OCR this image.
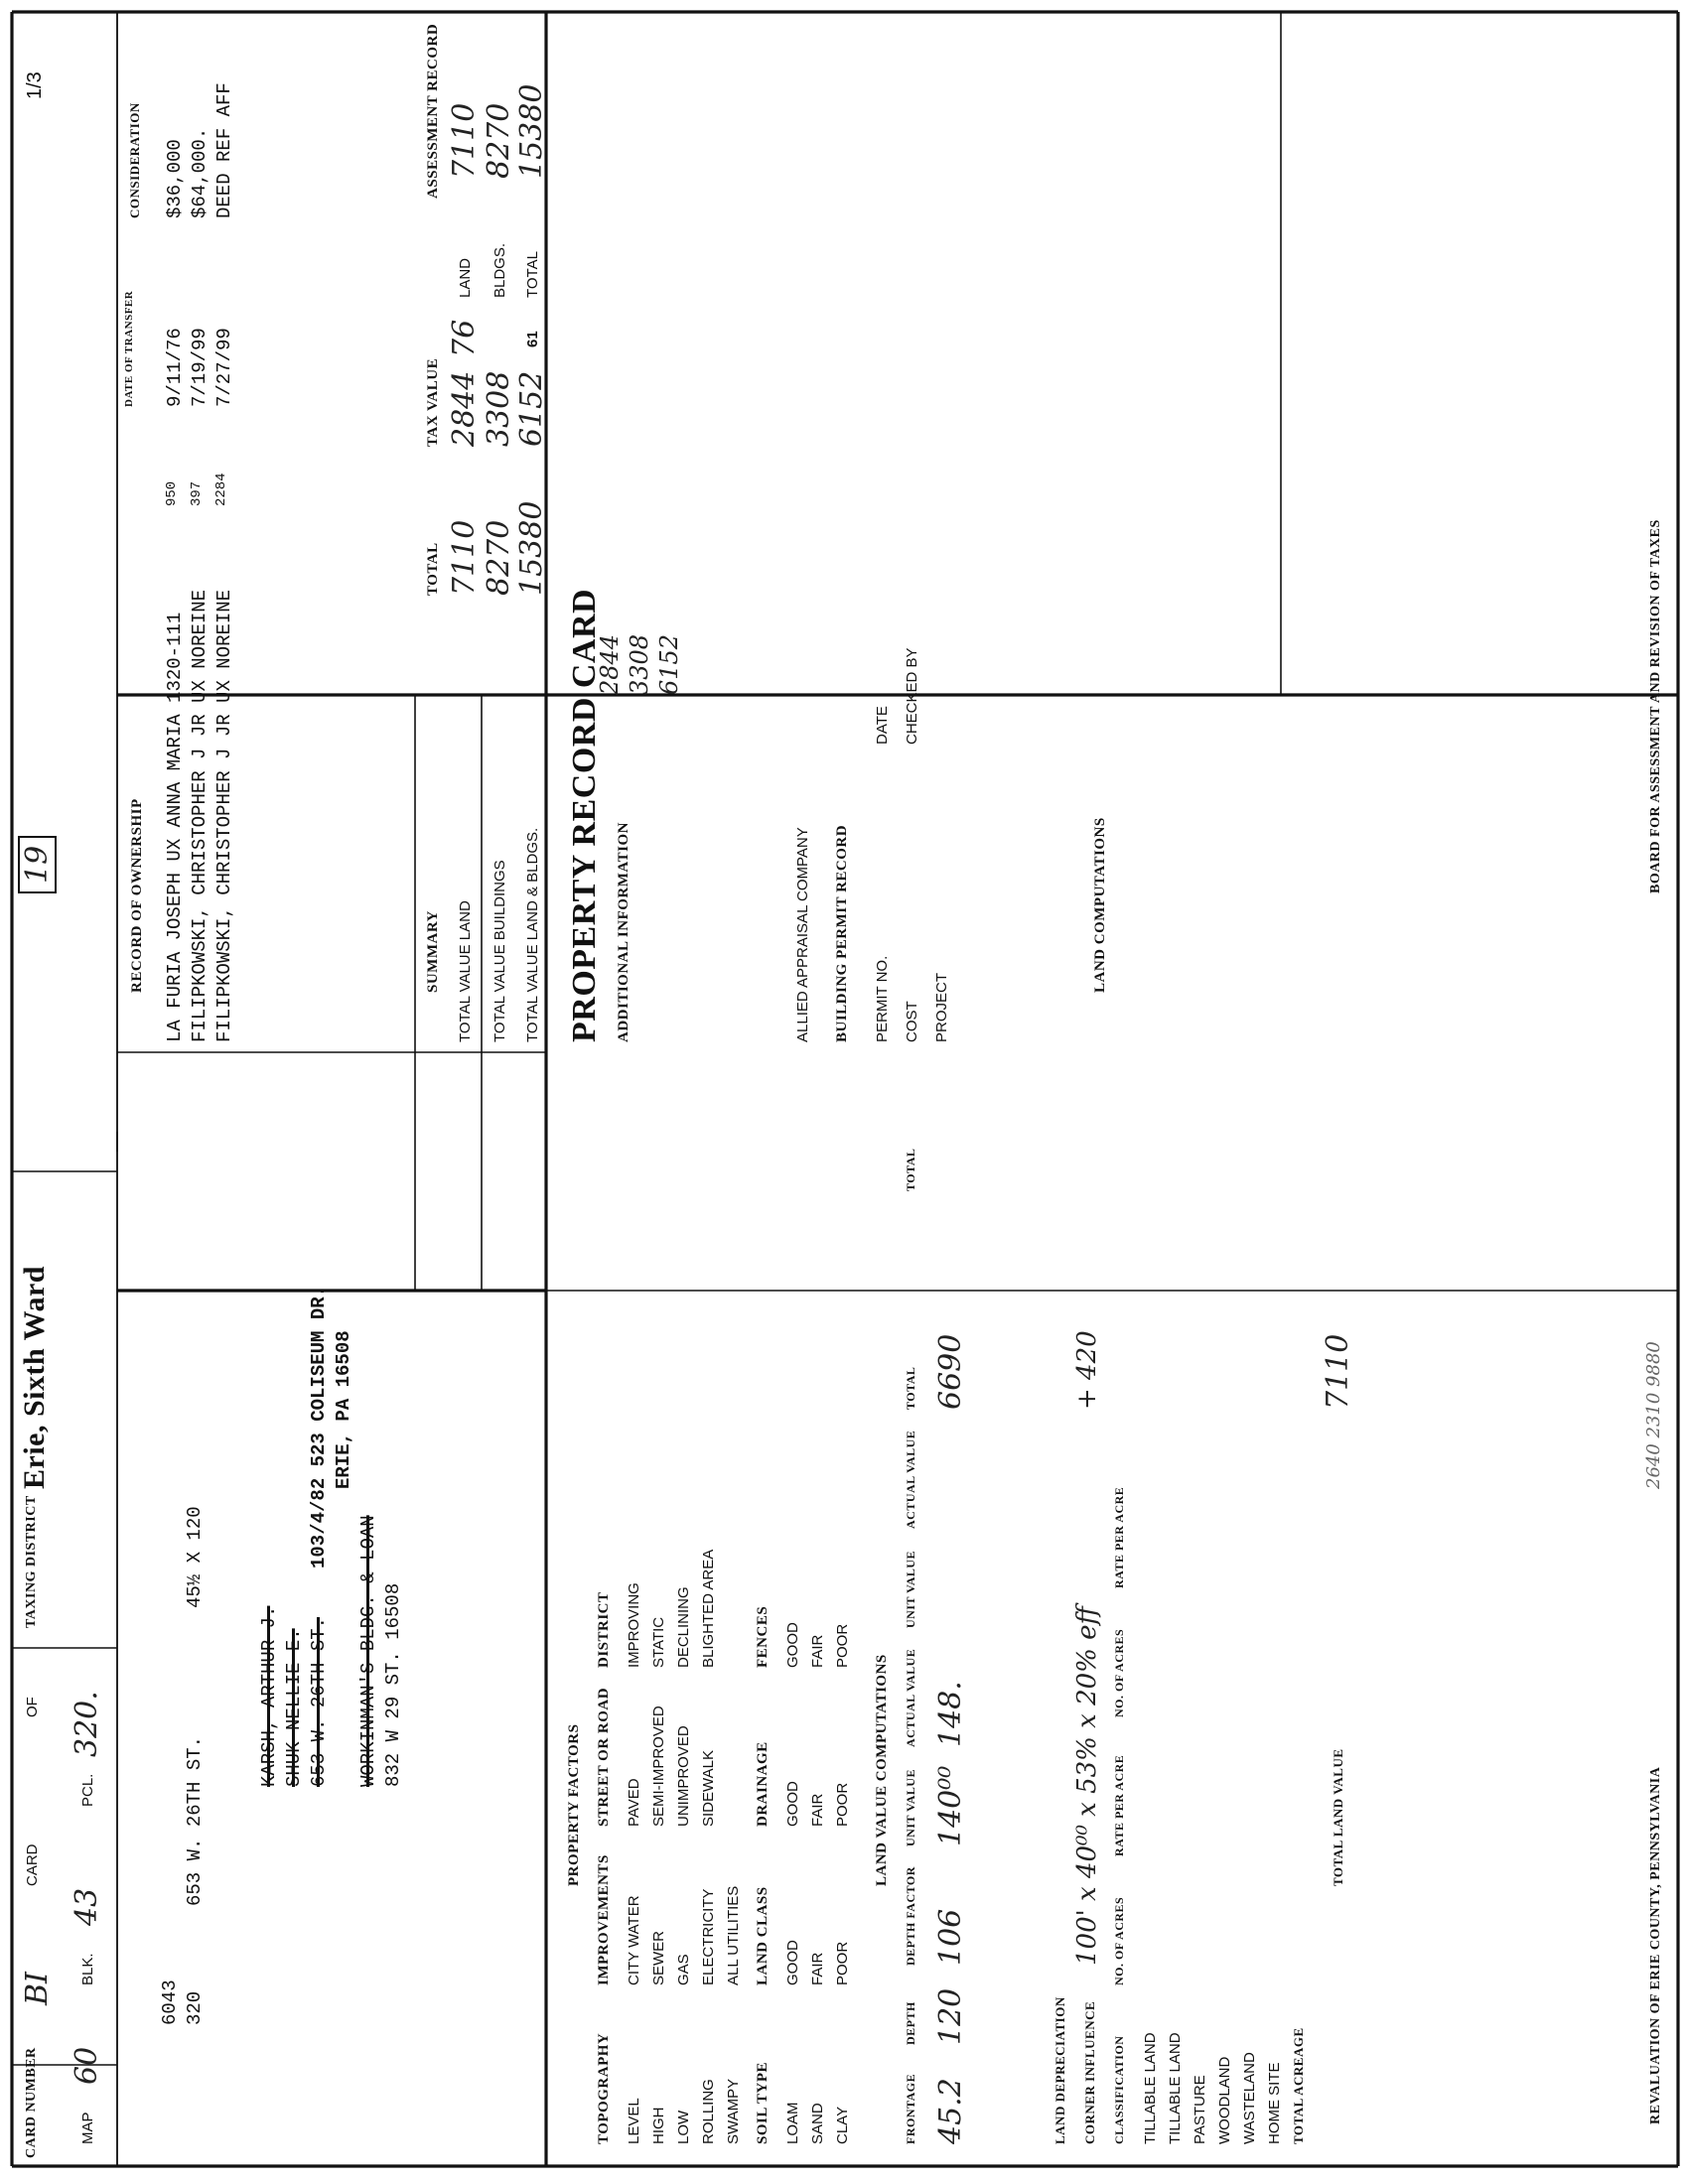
CARD NUMBER
BI
CARD
OF
TAXING DISTRICT
Erie, Sixth Ward
19
1/3
MAP
60
BLK.
43
PCL.
320.
6043 320
653 W. 26TH ST.
45½ X 120
KARSH, ARTHUR J. SHUK NELLIE E. 653 W. 26TH ST.
103/4/82 523 COLISEUM DR. ERIE, PA 16508
WORKINMAN'S BLDG. & LOAN 832 W 29 ST. 16508
RECORD OF OWNERSHIP
DATE OF TRANSFER
CONSIDERATION
LA FURIA JOSEPH UX ANNA MARIA 1320-111
950
9/11/76
$36,000
FILIPKOWSKI, CHRISTOPHER J JR UX NOREINE
397
7/19/99
$64,000.
FILIPKOWSKI, CHRISTOPHER J JR UX NOREINE
2284
7/27/99
DEED REF AFF
SUMMARY
TOTAL
TAX VALUE
TOTAL VALUE LAND
7110
2844
TOTAL VALUE BUILDINGS
8270
3308
TOTAL VALUE LAND & BLDGS.
15380
6152
ASSESSMENT RECORD
LAND BLDGS. TOTAL
61
76
7110 8270
15380
PROPERTY RECORD CARD ADDITIONAL INFORMATION
2844 3308 6152
ALLIED APPRAISAL COMPANY BUILDING PERMIT RECORD PERMIT NO.
DATE
COST
CHECKED BY
PROJECT
PROPERTY FACTORS
TOPOGRAPHY LEVEL HIGH LOW ROLLING SWAMPY
IMPROVEMENTS CITY WATER SEWER GAS ELECTRICITY ALL UTILITIES
STREET OR ROAD PAVED SEMI-IMPROVED UNIMPROVED SIDEWALK
DISTRICT IMPROVING STATIC DECLINING BLIGHTED AREA
SOIL TYPE LOAM SAND CLAY
LAND CLASS GOOD FAIR POOR
DRAINAGE GOOD FAIR POOR
FENCES GOOD FAIR POOR
LAND VALUE COMPUTATIONS
FRONTAGE
DEPTH
DEPTH FACTOR
UNIT VALUE
ACTUAL VALUE
UNIT VALUE
ACTUAL VALUE
TOTAL
TOTAL
45.2
120
106
140⁰⁰
148.
6690
LAND DEPRECIATION CORNER INFLUENCE
100' x 40⁰⁰ x 53% x 20% eff
+ 420
CLASSIFICATION
NO. OF ACRES
RATE PER ACRE
NO. OF ACRES
RATE PER ACRE
TILLABLE LAND TILLABLE LAND PASTURE WOODLAND WASTELAND HOME SITE TOTAL ACREAGE
TOTAL LAND VALUE
7110
LAND COMPUTATIONS
REVALUATION OF ERIE COUNTY, PENNSYLVANIA
BOARD FOR ASSESSMENT AND REVISION OF TAXES
2640 2310 9880
